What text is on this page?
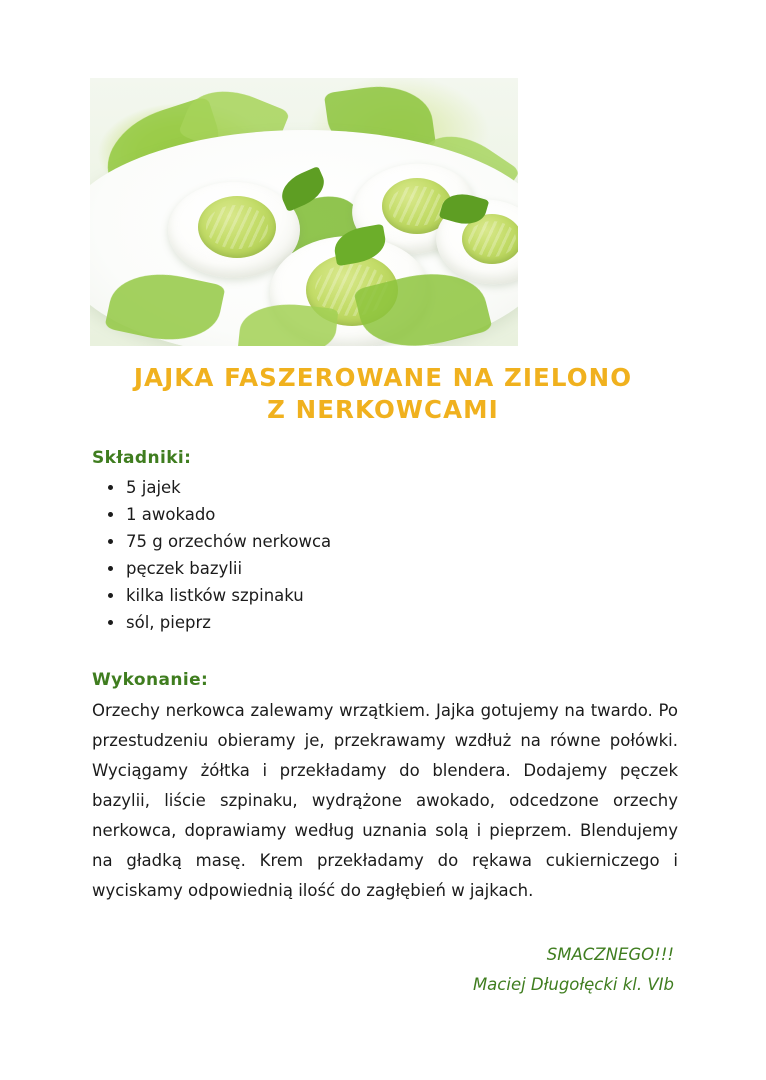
JAJKA FASZEROWANE NA ZIELONO
Z NERKOWCAMI
Składniki:
5 jajek
1 awokado
75 g orzechów nerkowca
pęczek bazylii
kilka listków szpinaku
sól, pieprz
Wykonanie:

Orzechy nerkowca zalewamy wrzątkiem. Jajka gotujemy na twardo. Po przestudzeniu obieramy je, przekrawamy wzdłuż na równe połówki. Wyciągamy żółtka i przekładamy do blendera. Dodajemy pęczek bazylii, liście szpinaku, wydrążone awokado, odcedzone orzechy nerkowca, doprawiamy według uznania solą i pieprzem. Blendujemy na gładką masę. Krem przekładamy do rękawa cukierniczego i wyciskamy odpowiednią ilość do zagłębień w jajkach.

SMACZNEGO!!!
Maciej Długołęcki kl. VIb
